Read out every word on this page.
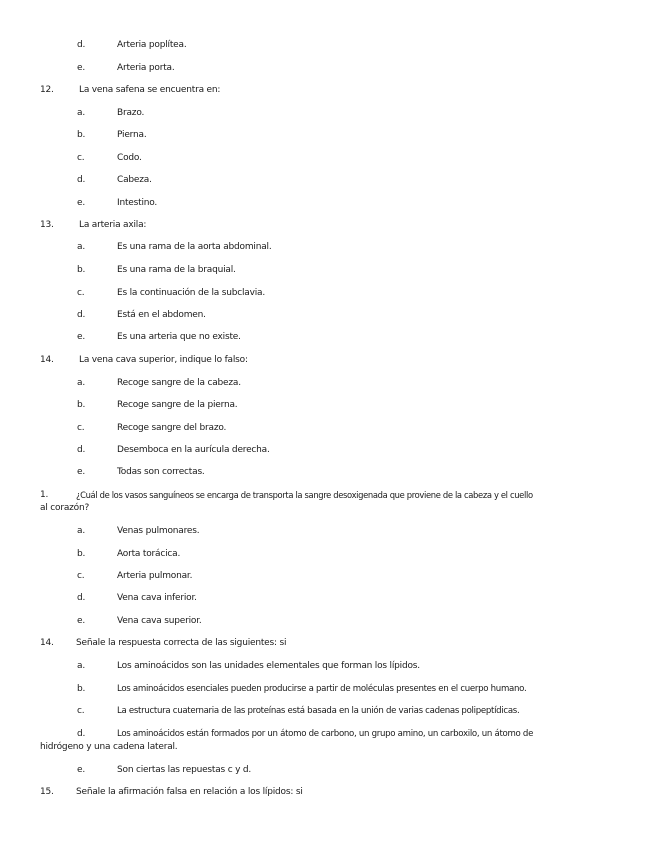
d.	Arteria poplítea.
e.	Arteria porta.
12.	La vena safena se encuentra en:
a.	Brazo.
b.	Pierna.
c.	Codo.
d.	Cabeza.
e.	Intestino.
13.	La arteria axila:
a.	Es una rama de la aorta abdominal.
b.	Es una rama de la braquial.
c.	Es la continuación de la subclavia.
d.	Está en el abdomen.
e.	Es una arteria que no existe.
14.	La vena cava superior, indique lo falso:
a.	Recoge sangre de la cabeza.
b.	Recoge sangre de la pierna.
c.	Recoge sangre del brazo.
d.	Desemboca en la aurícula derecha.
e.	Todas son correctas.
1.	¿Cuál de los vasos sanguíneos se encarga de transporta la sangre desoxigenada que proviene de la cabeza y el cuello
al corazón?
a.	Venas pulmonares.
b.	Aorta torácica.
c.	Arteria pulmonar.
d.	Vena cava inferior.
e.	Vena cava superior.
14. Señale la respuesta correcta de las siguientes: si
a.	Los aminoácidos son las unidades elementales que forman los lípidos.
b.	Los aminoácidos esenciales pueden producirse a partir de moléculas presentes en el cuerpo humano.
c.	La estructura cuaternaria de las proteínas está basada en la unión de varias cadenas polipeptídicas.
d.	Los aminoácidos están formados por un átomo de carbono, un grupo amino, un carboxilo, un átomo de
hidrógeno y una cadena lateral.
e.	Son ciertas las repuestas c y d.
15. Señale la afirmación falsa en relación a los lípidos: si
